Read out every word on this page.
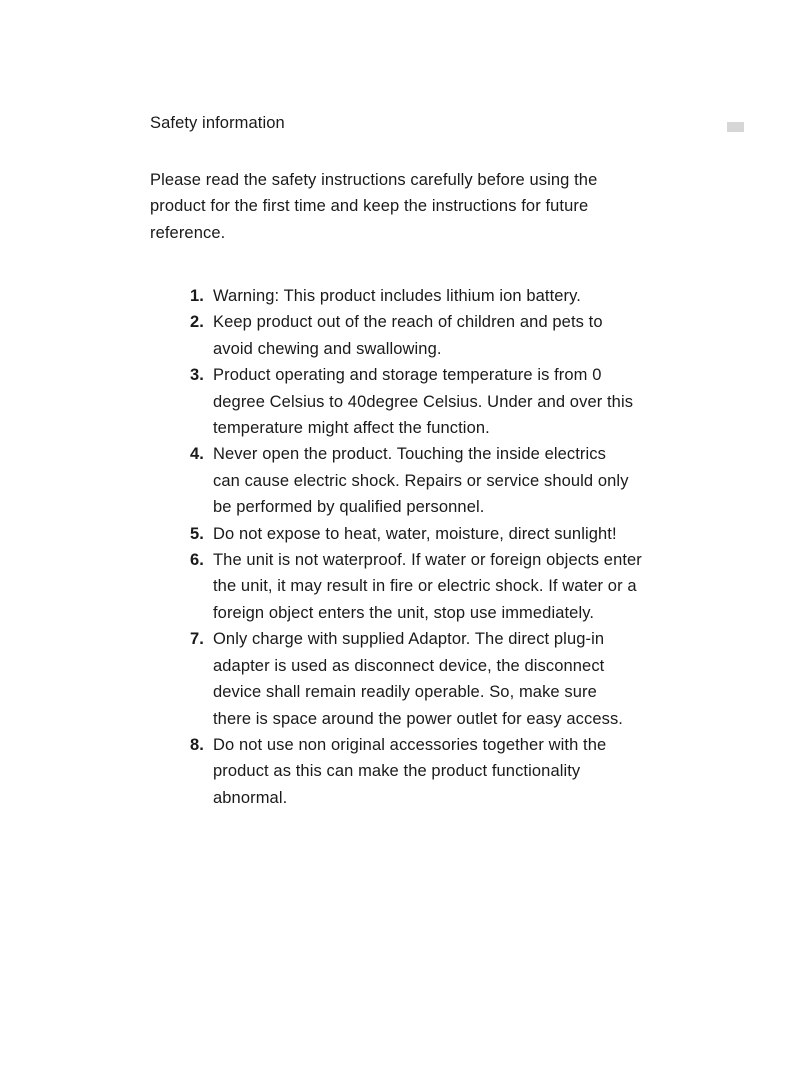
Safety information

Please read the safety instructions carefully before using the
product for the first time and keep the instructions for future
reference.

1. Warning: This product includes lithium ion battery.
2. Keep product out of the reach of children and pets to
avoid chewing and swallowing.
3. Product operating and storage temperature is from 0
degree Celsius to 40degree Celsius. Under and over this
temperature might affect the function.
4. Never open the product. Touching the inside electrics
can cause electric shock. Repairs or service should only
be performed by qualified personnel.
5. Do not expose to heat, water, moisture, direct sunlight!
6. The unit is not waterproof. If water or foreign objects enter
the unit, it may result in fire or electric shock. If water or a
foreign object enters the unit, stop use immediately.
7. Only charge with supplied Adaptor. The direct plug-in
adapter is used as disconnect device, the disconnect
device shall remain readily operable. So, make sure
there is space around the power outlet for easy access.
8. Do not use non original accessories together with the
product as this can make the product functionality
abnormal.
